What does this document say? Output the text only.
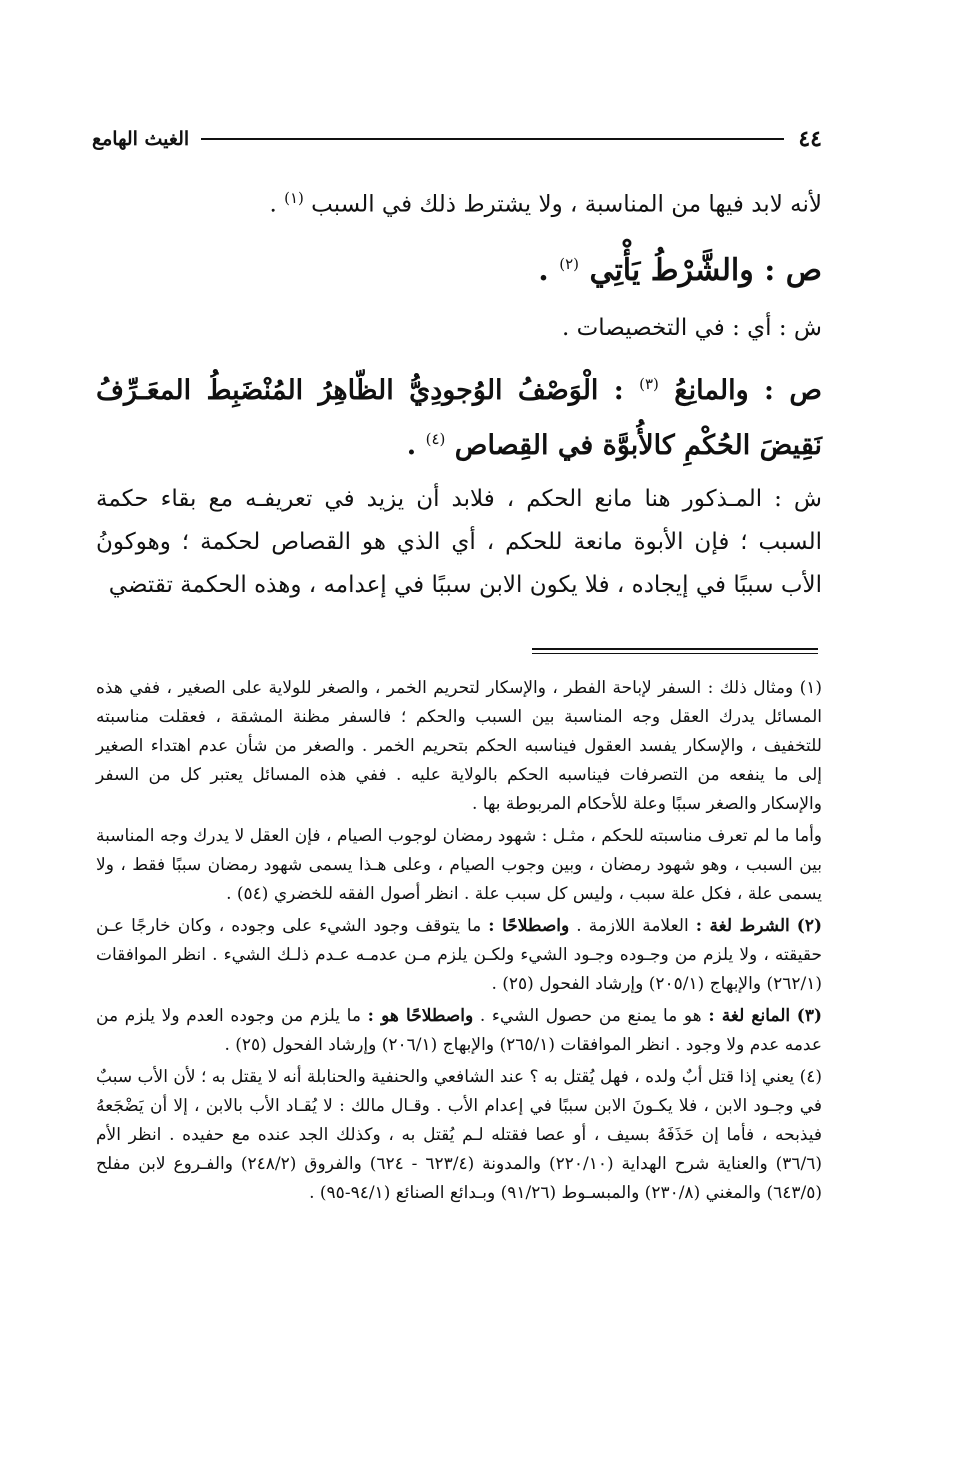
٤٤
الغيث الهامع

لأنه لابد فيها من المناسبة ، ولا يشترط ذلك في السبب $^{(١)}$ .

ص : والشَّرْطُ يَأْتِي $^{(٢)}$ .

ش : أي : في التخصيصات .

ص : والمانِعُ $^{(٣)}$ : الْوَصْفُ الوُجودِيُّ الظّاهِرُ المُنْضَبِطُ المعَـرِّفُ نَقِيضَ الحُكْمِ كالأُبوَّة في القِصاص $^{(٤)}$ .

ش : المـذكور هنا مانع الحكم ، فلابد أن يزيد في تعريفـه مع بقاء حكمة السبب ؛ فإن الأبوة مانعة للحكم ، أي الذي هو القصاص لحكمة ؛ وهوكونُ الأب سببًا في إيجاده ، فلا يكون الابن سببًا في إعدامه ، وهذه الحكمة تقتضي

(١) ومثال ذلك : السفر لإباحة الفطر ، والإسكار لتحريم الخمر ، والصغر للولاية على الصغير ، ففي هذه المسائل يدرك العقل وجه المناسبة بين السبب والحكم ؛ فالسفر مظنة المشقة ، فعقلت مناسبته للتخفيف ، والإسكار يفسد العقول فيناسبه الحكم بتحريم الخمر . والصغر من شأن عدم اهتداء الصغير إلى ما ينفعه من التصرفات فيناسبه الحكم بالولاية عليه . ففي هذه المسائل يعتبر كل من السفر والإسكار والصغر سببًا وعلة للأحكام المربوطة بها .

وأما ما لم تعرف مناسبته للحكم ، مثـل : شهود رمضان لوجوب الصيام ، فإن العقل لا يدرك وجه المناسبة بين السبب ، وهو شهود رمضان ، وبين وجوب الصيام ، وعلى هـذا يسمى شهود رمضان سببًا فقط ، ولا يسمى علة ، فكل علة سبب ، وليس كل سبب علة . انظر أصول الفقه للخضري (٥٤) .

(٢) الشرط لغة : العلامة اللازمة . واصطلاحًا : ما يتوقف وجود الشيء على وجوده ، وكان خارجًا عـن حقيقته ، ولا يلزم من وجـوده وجـود الشيء ولكـن يلزم مـن عدمـه عـدم ذلـك الشيء . انظر الموافقات (٢٦٢/١) والإبهاج (٢٠٥/١) وإرشاد الفحول (٢٥) .

(٣) المانع لغة : هو ما يمنع من حصول الشيء . واصطلاحًا هو : ما يلزم من وجوده العدم ولا يلزم من عدمه عدم ولا وجود . انظر الموافقات (٢٦٥/١) والإبهاج (٢٠٦/١) وإرشاد الفحول (٢٥) .

(٤) يعني إذا قتل أبٌ ولده ، فهل يُقتل به ؟ عند الشافعي والحنفية والحنابلة أنه لا يقتل به ؛ لأن الأب سببٌ في وجـود الابن ، فلا يكـونَ الابن سببًا في إعدام الأب . وقـال مالك : لا يُقـاد الأب بالابن ، إلا أن يَضْجَعهُ فيذبحه ، فأما إن حَذَفَهُ بسيف ، أو عصا فقتله لـم يُقتل به ، وكذلك الجد عنده مع حفيده . انظر الأم (٣٦/٦) والعناية شرح الهداية (٢٢٠/١٠) والمدونة (٦٢٣/٤ - ٦٢٤) والفروق (٢٤٨/٢) والفـروع لابن مفلح (٦٤٣/٥) والمغني (٢٣٠/٨) والمبسـوط (٩١/٢٦) وبـدائع الصنائع (٩٤/١-٩٥) .
